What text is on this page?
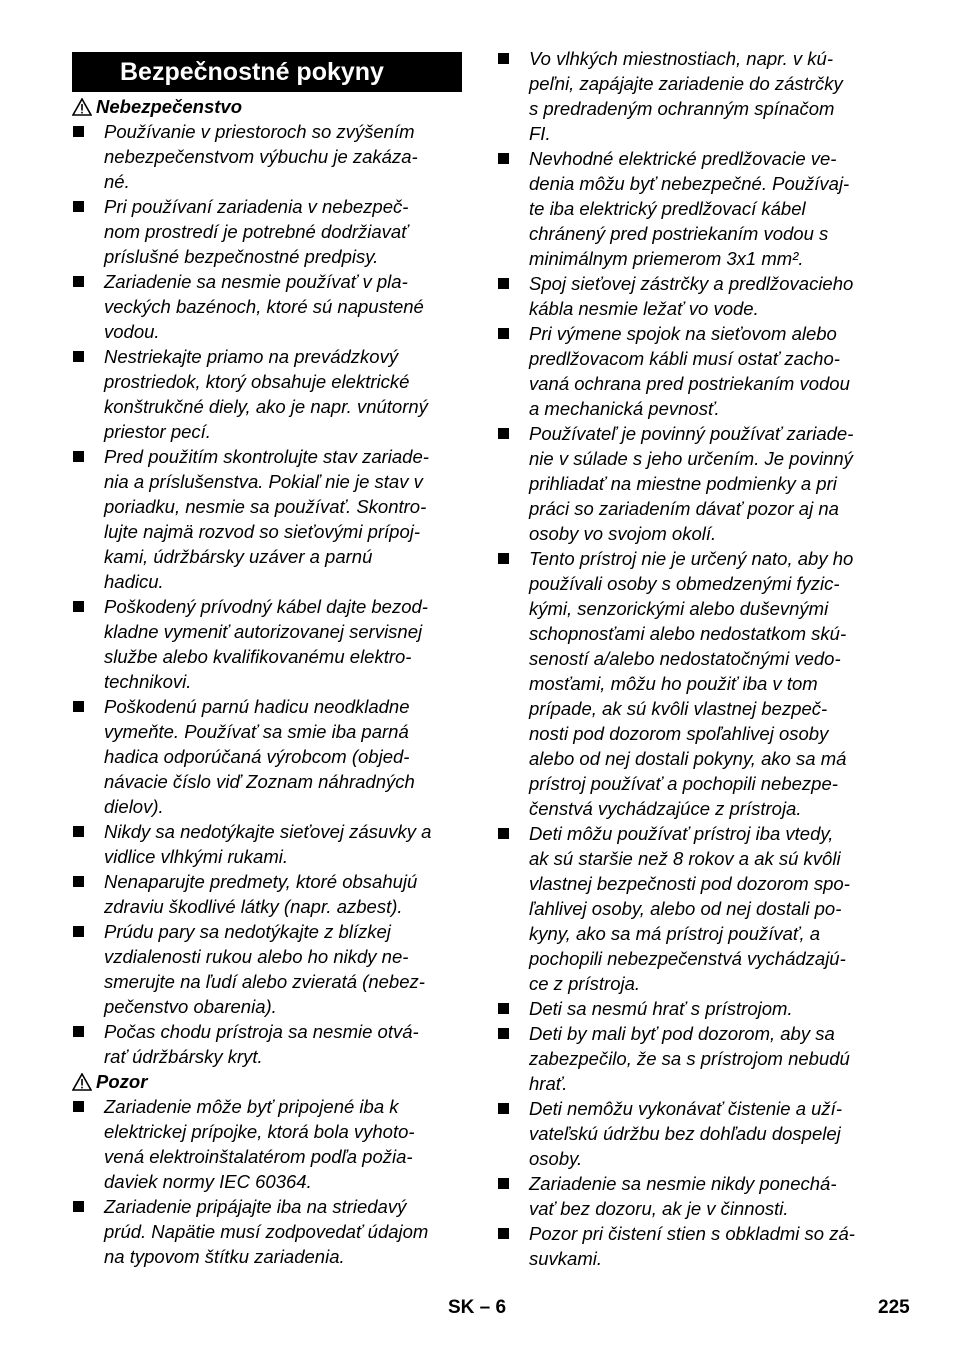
Bezpečnostné pokyny
Nebezpečenstvo
Používanie v priestoroch so zvýšením
nebezpečenstvom výbuchu je zakáza-
né.
Pri používaní zariadenia v nebezpeč-
nom prostredí je potrebné dodržiavať
príslušné bezpečnostné predpisy.
Zariadenie sa nesmie používať v pla-
veckých bazénoch, ktoré sú napustené
vodou.
Nestriekajte priamo na prevádzkový
prostriedok, ktorý obsahuje elektrické
konštrukčné diely, ako je napr. vnútorný
priestor pecí.
Pred použitím skontrolujte stav zariade-
nia a príslušenstva. Pokiaľ nie je stav v
poriadku, nesmie sa používať. Skontro-
lujte najmä rozvod so sieťovými prípoj-
kami, údržbársky uzáver a parnú
hadicu.
Poškodený prívodný kábel dajte bezod-
kladne vymeniť autorizovanej servisnej
službe alebo kvalifikovanému elektro-
technikovi.
Poškodenú parnú hadicu neodkladne
vymeňte. Používať sa smie iba parná
hadica odporúčaná výrobcom (objed-
návacie číslo viď Zoznam náhradných
dielov).
Nikdy sa nedotýkajte sieťovej zásuvky a
vidlice vlhkými rukami.
Nenaparujte predmety, ktoré obsahujú
zdraviu škodlivé látky (napr. azbest).
Prúdu pary sa nedotýkajte z blízkej
vzdialenosti rukou alebo ho nikdy ne-
smerujte na ľudí alebo zvieratá (nebez-
pečenstvo obarenia).
Počas chodu prístroja sa nesmie otvá-
rať údržbársky kryt.
Pozor
Zariadenie môže byť pripojené iba k
elektrickej prípojke, ktorá bola vyhoto-
vená elektroinštalatérom podľa požia-
daviek normy IEC 60364.
Zariadenie pripájajte iba na striedavý
prúd. Napätie musí zodpovedať údajom
na typovom štítku zariadenia.
Vo vlhkých miestnostiach, napr. v kú-
peľni, zapájajte zariadenie do zástrčky
s predradeným ochranným spínačom
FI.
Nevhodné elektrické predlžovacie ve-
denia môžu byť nebezpečné. Používaj-
te iba elektrický predlžovací kábel
chránený pred postriekaním vodou s
minimálnym priemerom 3x1 mm².
Spoj sieťovej zástrčky a predlžovacieho
kábla nesmie ležať vo vode.
Pri výmene spojok na sieťovom alebo
predlžovacom kábli musí ostať zacho-
vaná ochrana pred postriekaním vodou
a mechanická pevnosť.
Používateľ je povinný používať zariade-
nie v súlade s jeho určením. Je povinný
prihliadať na miestne podmienky a pri
práci so zariadením dávať pozor aj na
osoby vo svojom okolí.
Tento prístroj nie je určený nato, aby ho
používali osoby s obmedzenými fyzic-
kými, senzorickými alebo duševnými
schopnosťami alebo nedostatkom skú-
seností a/alebo nedostatočnými vedo-
mosťami, môžu ho použiť iba v tom
prípade, ak sú kvôli vlastnej bezpeč-
nosti pod dozorom spoľahlivej osoby
alebo od nej dostali pokyny, ako sa má
prístroj používať a pochopili nebezpe-
čenstvá vychádzajúce z prístroja.
Deti môžu používať prístroj iba vtedy,
ak sú staršie než 8 rokov a ak sú kvôli
vlastnej bezpečnosti pod dozorom spo-
ľahlivej osoby, alebo od nej dostali po-
kyny, ako sa má prístroj používať, a
pochopili nebezpečenstvá vychádzajú-
ce z prístroja.
Deti sa nesmú hrať s prístrojom.
Deti by mali byť pod dozorom, aby sa
zabezpečilo, že sa s prístrojom nebudú
hrať.
Deti nemôžu vykonávať čistenie a uží-
vateľskú údržbu bez dohľadu dospelej
osoby.
Zariadenie sa nesmie nikdy ponechá-
vať bez dozoru, ak je v činnosti.
Pozor pri čistení stien s obkladmi so zá-
suvkami.
SK – 6	225
